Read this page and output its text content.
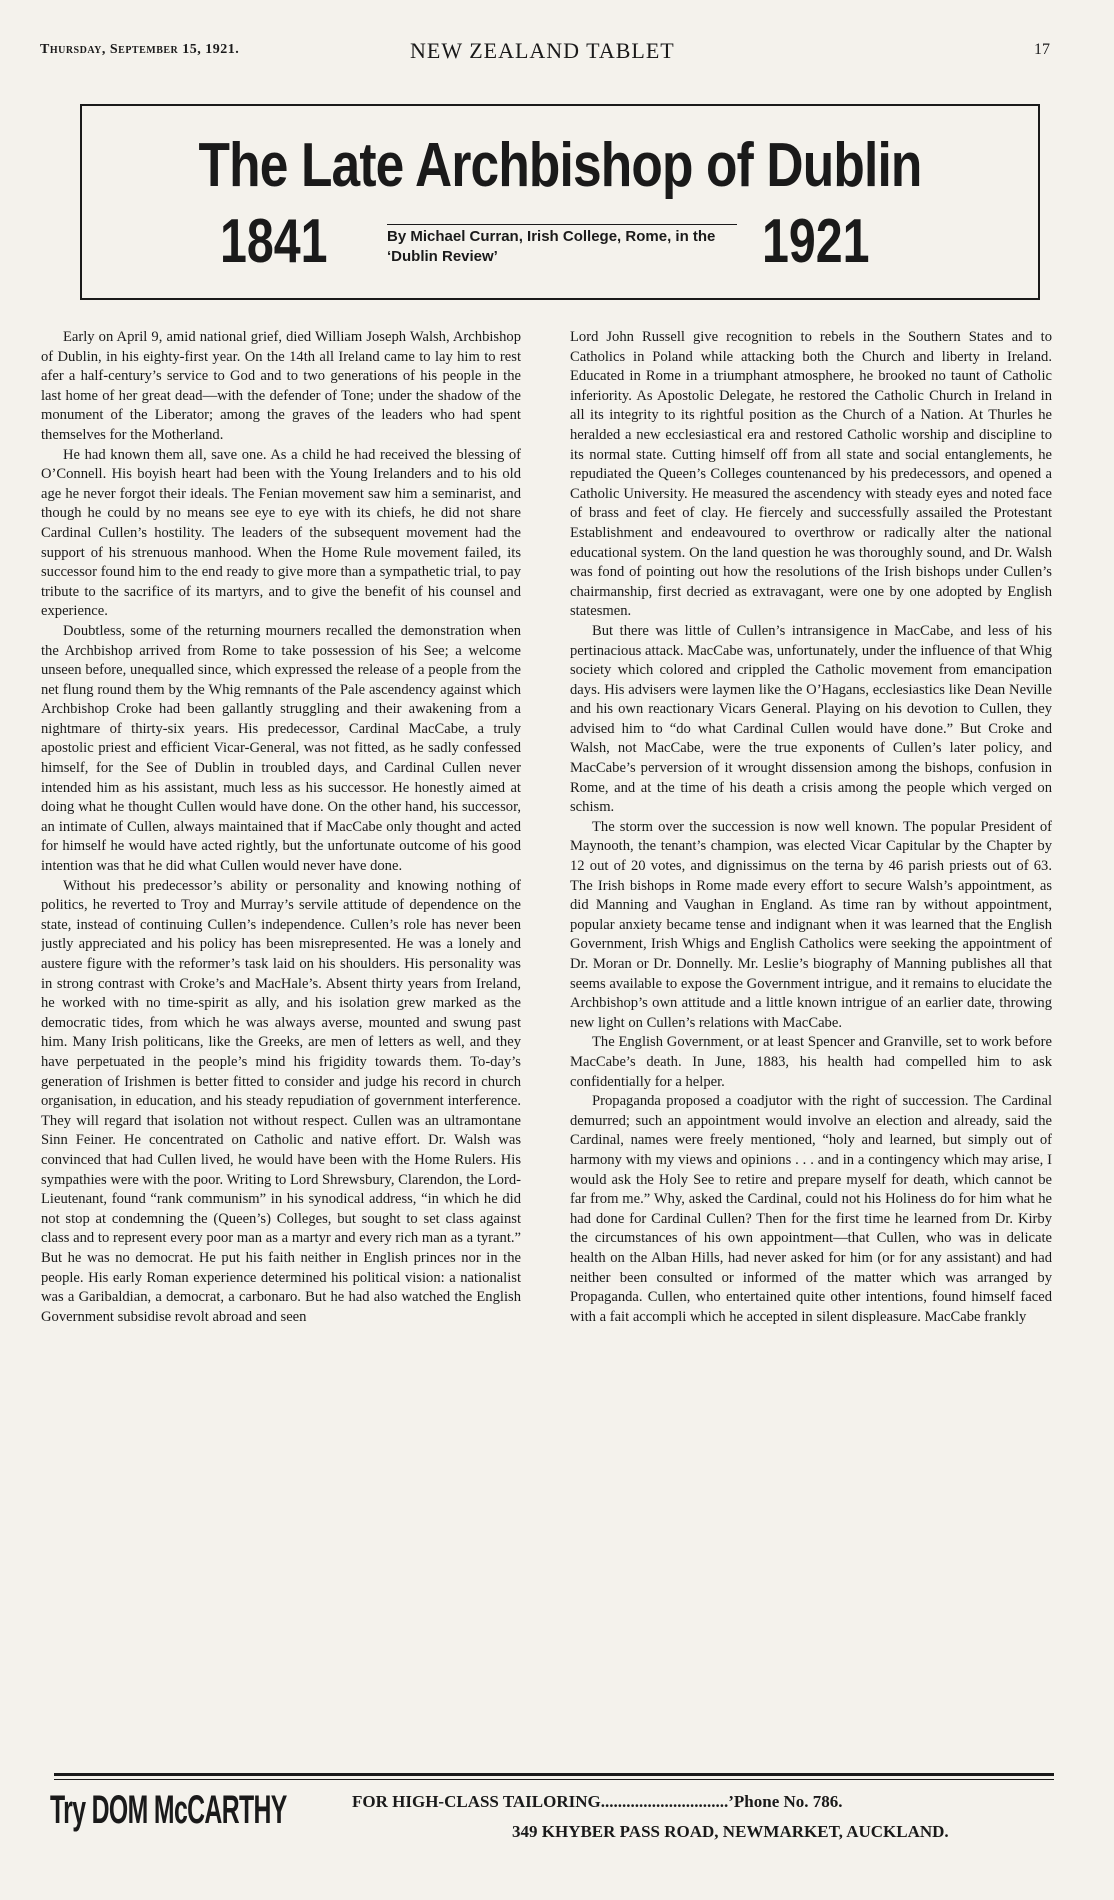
Thursday, September 15, 1921.	NEW ZEALAND TABLET	17
The Late Archbishop of Dublin
1841	By Michael Curran, Irish College, Rome, in the ‘Dublin Review’	1921

Early on April 9, amid national grief, died William Joseph Walsh, Archbishop of Dublin, in his eighty-first year. On the 14th all Ireland came to lay him to rest afer a half-century’s service to God and to two generations of his people in the last home of her great dead—with the defender of Tone; under the shadow of the monument of the Liberator; among the graves of the leaders who had spent themselves for the Motherland.

He had known them all, save one. As a child he had received the blessing of O’Connell. His boyish heart had been with the Young Irelanders and to his old age he never forgot their ideals. The Fenian movement saw him a seminarist, and though he could by no means see eye to eye with its chiefs, he did not share Cardinal Cullen’s hostility. The leaders of the subsequent movement had the support of his strenuous manhood. When the Home Rule movement failed, its successor found him to the end ready to give more than a sympathetic trial, to pay tribute to the sacrifice of its martyrs, and to give the benefit of his counsel and experience.

Doubtless, some of the returning mourners recalled the demonstration when the Archbishop arrived from Rome to take possession of his See; a welcome unseen before, unequalled since, which expressed the release of a people from the net flung round them by the Whig remnants of the Pale ascendency against which Archbishop Croke had been gallantly struggling and their awakening from a nightmare of thirty-six years. His predecessor, Cardinal MacCabe, a truly apostolic priest and efficient Vicar-General, was not fitted, as he sadly confessed himself, for the See of Dublin in troubled days, and Cardinal Cullen never intended him as his assistant, much less as his successor. He honestly aimed at doing what he thought Cullen would have done. On the other hand, his successor, an intimate of Cullen, always maintained that if MacCabe only thought and acted for himself he would have acted rightly, but the unfortunate outcome of his good intention was that he did what Cullen would never have done.

Without his predecessor’s ability or personality and knowing nothing of politics, he reverted to Troy and Murray’s servile attitude of dependence on the state, instead of continuing Cullen’s independence. Cullen’s role has never been justly appreciated and his policy has been misrepresented. He was a lonely and austere figure with the reformer’s task laid on his shoulders. His personality was in strong contrast with Croke’s and MacHale’s. Absent thirty years from Ireland, he worked with no time-spirit as ally, and his isolation grew marked as the democratic tides, from which he was always averse, mounted and swung past him. Many Irish politicans, like the Greeks, are men of letters as well, and they have perpetuated in the people’s mind his frigidity towards them. To-day’s generation of Irishmen is better fitted to consider and judge his record in church organisation, in education, and his steady repudiation of government interference. They will regard that isolation not without respect. Cullen was an ultramontane Sinn Feiner. He concentrated on Catholic and native effort. Dr. Walsh was convinced that had Cullen lived, he would have been with the Home Rulers. His sympathies were with the poor. Writing to Lord Shrewsbury, Clarendon, the Lord-Lieutenant, found “rank communism” in his synodical address, “in which he did not stop at condemning the (Queen’s) Colleges, but sought to set class against class and to represent every poor man as a martyr and every rich man as a tyrant.” But he was no democrat. He put his faith neither in English princes nor in the people. His early Roman experience determined his political vision: a nationalist was a Garibaldian, a democrat, a carbonaro. But he had also watched the English Government subsidise revolt abroad and seen

Lord John Russell give recognition to rebels in the Southern States and to Catholics in Poland while attacking both the Church and liberty in Ireland. Educated in Rome in a triumphant atmosphere, he brooked no taunt of Catholic inferiority. As Apostolic Delegate, he restored the Catholic Church in Ireland in all its integrity to its rightful position as the Church of a Nation. At Thurles he heralded a new ecclesiastical era and restored Catholic worship and discipline to its normal state. Cutting himself off from all state and social entanglements, he repudiated the Queen’s Colleges countenanced by his predecessors, and opened a Catholic University. He measured the ascendency with steady eyes and noted face of brass and feet of clay. He fiercely and successfully assailed the Protestant Establishment and endeavoured to overthrow or radically alter the national educational system. On the land question he was thoroughly sound, and Dr. Walsh was fond of pointing out how the resolutions of the Irish bishops under Cullen’s chairmanship, first decried as extravagant, were one by one adopted by English statesmen.

But there was little of Cullen’s intransigence in MacCabe, and less of his pertinacious attack. MacCabe was, unfortunately, under the influence of that Whig society which colored and crippled the Catholic movement from emancipation days. His advisers were laymen like the O’Hagans, ecclesiastics like Dean Neville and his own reactionary Vicars General. Playing on his devotion to Cullen, they advised him to “do what Cardinal Cullen would have done.” But Croke and Walsh, not MacCabe, were the true exponents of Cullen’s later policy, and MacCabe’s perversion of it wrought dissension among the bishops, confusion in Rome, and at the time of his death a crisis among the people which verged on schism.

The storm over the succession is now well known. The popular President of Maynooth, the tenant’s champion, was elected Vicar Capitular by the Chapter by 12 out of 20 votes, and dignissimus on the terna by 46 parish priests out of 63. The Irish bishops in Rome made every effort to secure Walsh’s appointment, as did Manning and Vaughan in England. As time ran by without appointment, popular anxiety became tense and indignant when it was learned that the English Government, Irish Whigs and English Catholics were seeking the appointment of Dr. Moran or Dr. Donnelly. Mr. Leslie’s biography of Manning publishes all that seems available to expose the Government intrigue, and it remains to elucidate the Archbishop’s own attitude and a little known intrigue of an earlier date, throwing new light on Cullen’s relations with MacCabe.

The English Government, or at least Spencer and Granville, set to work before MacCabe’s death. In June, 1883, his health had compelled him to ask confidentially for a helper.

Propaganda proposed a coadjutor with the right of succession. The Cardinal demurred; such an appointment would involve an election and already, said the Cardinal, names were freely mentioned, “holy and learned, but simply out of harmony with my views and opinions . . . and in a contingency which may arise, I would ask the Holy See to retire and prepare myself for death, which cannot be far from me.” Why, asked the Cardinal, could not his Holiness do for him what he had done for Cardinal Cullen? Then for the first time he learned from Dr. Kirby the circumstances of his own appointment—that Cullen, who was in delicate health on the Alban Hills, had never asked for him (or for any assistant) and had neither been consulted or informed of the matter which was arranged by Propaganda. Cullen, who entertained quite other intentions, found himself faced with a fait accompli which he accepted in silent displeasure. MacCabe frankly

Try DOM McCARTHY	FOR HIGH-CLASS TAILORING..............................’Phone No. 786.
349 KHYBER PASS ROAD, NEWMARKET, AUCKLAND.
